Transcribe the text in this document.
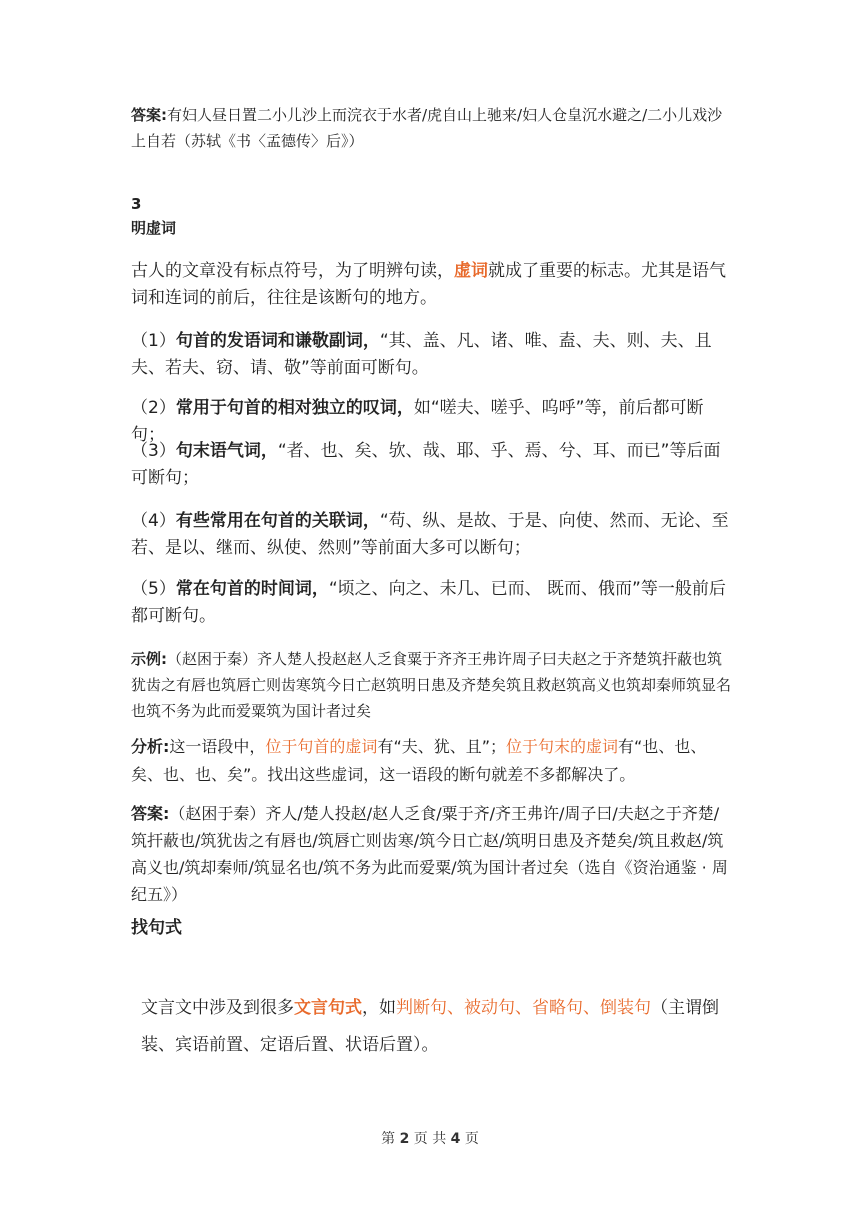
答案:有妇人昼日置二小儿沙上而浣衣于水者/虎自山上驰来/妇人仓皇沉水避之/二小儿戏沙上自若（苏轼《书〈孟德传〉后》）
3
明虚词
古人的文章没有标点符号，为了明辨句读，虚词就成了重要的标志。尤其是语气词和连词的前后，往往是该断句的地方。
（1）句首的发语词和谦敬副词，“其、盖、凡、诸、唯、盍、夫、则、夫、且夫、若夫、窃、请、敬”等前面可断句。
（2）常用于句首的相对独立的叹词，如“嗟夫、嗟乎、呜呼”等，前后都可断句；
（3）句末语气词，“者、也、矣、欤、哉、耶、乎、焉、兮、耳、而已”等后面可断句；
（4）有些常用在句首的关联词，“苟、纵、是故、于是、向使、然而、无论、至若、是以、继而、纵使、然则”等前面大多可以断句；
（5）常在句首的时间词，“顷之、向之、未几、已而、 既而、俄而”等一般前后都可断句。
示例:（赵困于秦）齐人楚人投赵赵人乏食粟于齐齐王弗许周子曰夫赵之于齐楚筑扞蔽也筑犹齿之有唇也筑唇亡则齿寒筑今日亡赵筑明日患及齐楚矣筑且救赵筑高义也筑却秦师筑显名也筑不务为此而爱粟筑为国计者过矣
分析:这一语段中，位于句首的虚词有“夫、犹、且”；位于句末的虚词有“也、也、矣、也、也、矣”。找出这些虚词，这一语段的断句就差不多都解决了。
答案:（赵困于秦）齐人/楚人投赵/赵人乏食/粟于齐/齐王弗许/周子曰/夫赵之于齐楚/筑扞蔽也/筑犹齿之有唇也/筑唇亡则齿寒/筑今日亡赵/筑明日患及齐楚矣/筑且救赵/筑高义也/筑却秦师/筑显名也/筑不务为此而爱粟/筑为国计者过矣（选自《资治通鉴 · 周纪五》）
找句式
文言文中涉及到很多文言句式，如判断句、被动句、省略句、倒装句（主谓倒装、宾语前置、定语后置、状语后置）。
第 2 页 共 4 页
